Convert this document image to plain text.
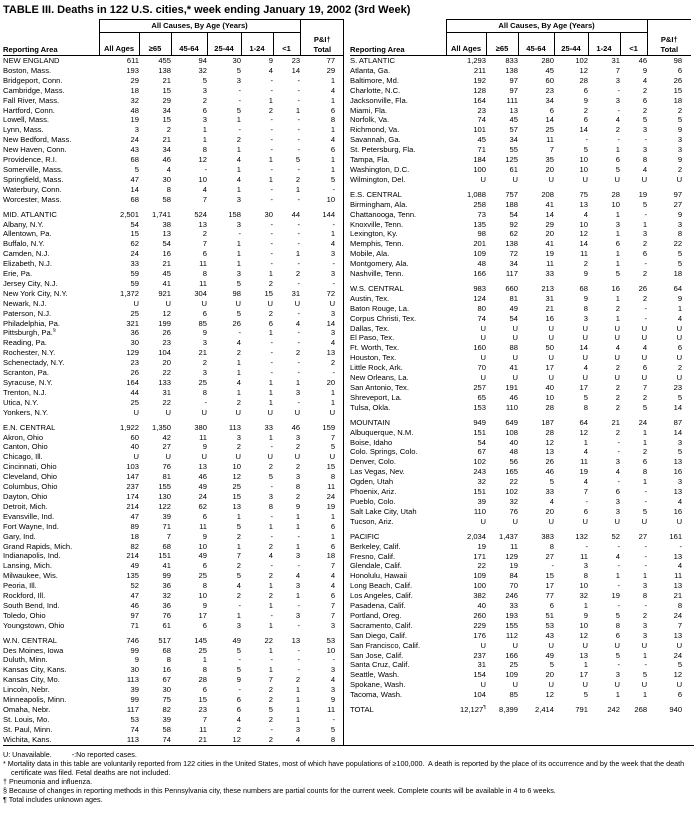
TABLE III. Deaths in 122 U.S. cities,* week ending January 19, 2002 (3rd Week)
Reporting Area	All Causes, By Age (Years)						P&I†
Total

	All Ages	≥65	45-64	25-44	1-24	<1	
NEW ENGLAND	611	455	94	30	9	23	77
Boston, Mass.	193	138	32	5	4	14	29
Bridgeport, Conn.	29	21	5	3	-	-	1
Cambridge, Mass.	18	15	3	-	-	-	4
Fall River, Mass.	32	29	2	-	1	-	1
Hartford, Conn.	48	34	6	5	2	1	6
Lowell, Mass.	19	15	3	1	-	-	8
Lynn, Mass.	3	2	1	-	-	-	1
New Bedford, Mass.	24	21	1	2	-	-	4
New Haven, Conn.	43	34	8	1	-	-	6
Providence, R.I.	68	46	12	4	1	5	1
Somerville, Mass.	5	4	-	1	-	-	1
Springfield, Mass.	47	30	10	4	1	2	5
Waterbury, Conn.	14	8	4	1	-	1	-
Worcester, Mass.	68	58	7	3	-	-	10

MID. ATLANTIC	2,501	1,741	524	158	30	44	144
Albany, N.Y.	54	38	13	3	-	-	-
Allentown, Pa.	15	13	2	-	-	-	1
Buffalo, N.Y.	62	54	7	1	-	-	4
Camden, N.J.	24	16	6	1	-	1	3
Elizabeth, N.J.	33	21	11	1	-	-	-
Erie, Pa.	59	45	8	3	1	2	3
Jersey City, N.J.	59	41	11	5	2	-	-
New York City, N.Y.	1,372	921	304	98	15	31	72
Newark, N.J.	U	U	U	U	U	U	U
Paterson, N.J.	25	12	6	5	2	-	3
Philadelphia, Pa.	321	199	85	26	6	4	14
Pittsburgh, Pa.§	36	26	9	-	1	-	3
Reading, Pa.	30	23	3	4	-	-	4
Rochester, N.Y.	129	104	21	2	-	2	13
Schenectady, N.Y.	23	20	2	1	-	-	2
Scranton, Pa.	26	22	3	1	-	-	-
Syracuse, N.Y.	164	133	25	4	1	1	20
Trenton, N.J.	44	31	8	1	1	3	1
Utica, N.Y.	25	22	-	2	1	-	1
Yonkers, N.Y.	U	U	U	U	U	U	U

E.N. CENTRAL	1,922	1,350	380	113	33	46	159
Akron, Ohio	60	42	11	3	1	3	7
Canton, Ohio	40	27	9	2	-	2	5
Chicago, Ill.	U	U	U	U	U	U	U
Cincinnati, Ohio	103	76	13	10	2	2	15
Cleveland, Ohio	147	81	46	12	5	3	8
Columbus, Ohio	237	155	49	25	-	8	11
Dayton, Ohio	174	130	24	15	3	2	24
Detroit, Mich.	214	122	62	13	8	9	19
Evansville, Ind.	47	39	6	1	-	1	1
Fort Wayne, Ind.	89	71	11	5	1	1	6
Gary, Ind.	18	7	9	2	-	-	1
Grand Rapids, Mich.	82	68	10	1	2	1	6
Indianapolis, Ind.	214	151	49	7	4	3	18
Lansing, Mich.	49	41	6	2	-	-	7
Milwaukee, Wis.	135	99	25	5	2	4	4
Peoria, Ill.	52	36	8	4	1	3	4
Rockford, Ill.	47	32	10	2	2	1	6
South Bend, Ind.	46	36	9	-	1	-	7
Toledo, Ohio	97	76	17	1	-	3	7
Youngstown, Ohio	71	61	6	3	1	-	3

W.N. CENTRAL	746	517	145	49	22	13	53
Des Moines, Iowa	99	68	25	5	1	-	10
Duluth, Minn.	9	8	1	-	-	-	-
Kansas City, Kans.	30	16	8	5	1	-	3
Kansas City, Mo.	113	67	28	9	7	2	4
Lincoln, Nebr.	39	30	6	-	2	1	3
Minneapolis, Minn.	99	75	15	6	2	1	9
Omaha, Nebr.	117	82	23	6	5	1	11
St. Louis, Mo.	53	39	7	4	2	1	-
St. Paul, Minn.	74	58	11	2	-	3	5
Wichita, Kans.	113	74	21	12	2	4	8
Reporting Area	All Causes, By Age (Years)						P&I†
Total

	All Ages	≥65	45-64	25-44	1-24	<1	
S. ATLANTIC	1,293	833	280	102	31	46	98
Atlanta, Ga.	211	138	45	12	7	9	6
Baltimore, Md.	192	97	60	28	3	4	26
Charlotte, N.C.	128	97	23	6	-	2	15
Jacksonville, Fla.	164	111	34	9	3	6	18
Miami, Fla.	23	13	6	2	-	2	2
Norfolk, Va.	74	45	14	6	4	5	5
Richmond, Va.	101	57	25	14	2	3	9
Savannah, Ga.	45	34	11	-	-	-	3
St. Petersburg, Fla.	71	55	7	5	1	3	3
Tampa, Fla.	184	125	35	10	6	8	9
Washington, D.C.	100	61	20	10	5	4	2
Wilmington, Del.	U	U	U	U	U	U	U

E.S. CENTRAL	1,088	757	208	75	28	19	97
Birmingham, Ala.	258	188	41	13	10	5	27
Chattanooga, Tenn.	73	54	14	4	1	-	9
Knoxville, Tenn.	135	92	29	10	3	1	3
Lexington, Ky.	98	62	20	12	1	3	8
Memphis, Tenn.	201	138	41	14	6	2	22
Mobile, Ala.	109	72	19	11	1	6	5
Montgomery, Ala.	48	34	11	2	1	-	5
Nashville, Tenn.	166	117	33	9	5	2	18

W.S. CENTRAL	983	660	213	68	16	26	64
Austin, Tex.	124	81	31	9	1	2	9
Baton Rouge, La.	80	49	21	8	2	-	1
Corpus Christi, Tex.	74	54	16	3	1	-	4
Dallas, Tex.	U	U	U	U	U	U	U
El Paso, Tex.	U	U	U	U	U	U	U
Ft. Worth, Tex.	160	88	50	14	4	4	6
Houston, Tex.	U	U	U	U	U	U	U
Little Rock, Ark.	70	41	17	4	2	6	2
New Orleans, La.	U	U	U	U	U	U	U
San Antonio, Tex.	257	191	40	17	2	7	23
Shreveport, La.	65	46	10	5	2	2	5
Tulsa, Okla.	153	110	28	8	2	5	14

MOUNTAIN	949	649	187	64	21	24	87
Albuquerque, N.M.	151	108	28	12	2	1	14
Boise, Idaho	54	40	12	1	-	1	3
Colo. Springs, Colo.	67	48	13	4	-	2	5
Denver, Colo.	102	56	26	11	3	6	13
Las Vegas, Nev.	243	165	46	19	4	8	16
Ogden, Utah	32	22	5	4	-	1	3
Phoenix, Ariz.	151	102	33	7	6	-	13
Pueblo, Colo.	39	32	4	-	3	-	4
Salt Lake City, Utah	110	76	20	6	3	5	16
Tucson, Ariz.	U	U	U	U	U	U	U

PACIFIC	2,034	1,437	383	132	52	27	161
Berkeley, Calif.	19	11	8	-	-	-	-
Fresno, Calif.	171	129	27	11	4	-	13
Glendale, Calif.	22	19	-	3	-	-	4
Honolulu, Hawaii	109	84	15	8	1	1	11
Long Beach, Calif.	100	70	17	10	-	3	13
Los Angeles, Calif.	382	246	77	32	19	8	21
Pasadena, Calif.	40	33	6	1	-	-	8
Portland, Oreg.	260	193	51	9	5	2	24
Sacramento, Calif.	229	155	53	10	8	3	7
San Diego, Calif.	176	112	43	12	6	3	13
San Francisco, Calif.	U	U	U	U	U	U	U
San Jose, Calif.	237	166	49	13	5	1	24
Santa Cruz, Calif.	31	25	5	1	-	-	5
Seattle, Wash.	154	109	20	17	3	5	12
Spokane, Wash.	U	U	U	U	U	U	U
Tacoma, Wash.	104	85	12	5	1	1	6

TOTAL	12,127¶	8,399	2,414	791	242	268	940
U: Unavailable.          -:No reported cases.
* Mortality data in this table are voluntarily reported from 122 cities in the United States, most of which have populations of ≥100,000.  A death is reported by the place of its occurrence and by the week that the death certificate was filed. Fetal deaths are not included.
† Pneumonia and influenza.
§ Because of changes in reporting methods in this Pennsylvania city, these numbers are partial counts for the current week. Complete counts will be available in 4 to 6 weeks.
¶ Total includes unknown ages.
